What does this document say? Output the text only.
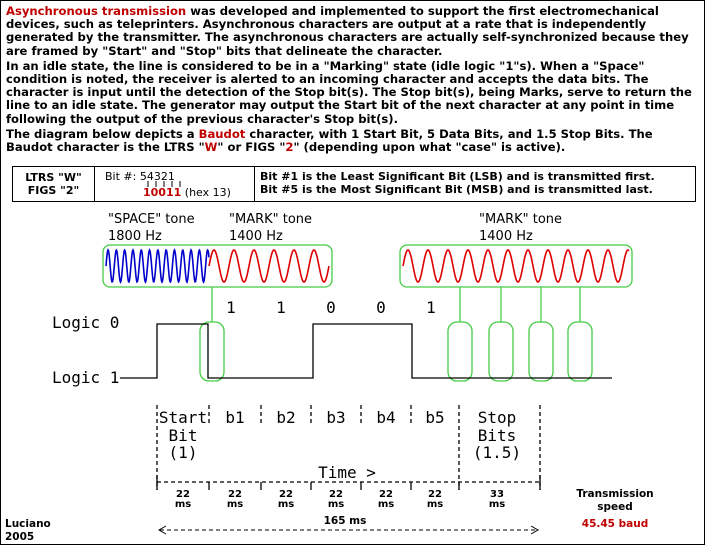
Asynchronous transmission was developed and implemented to support the first electromechanical devices, such as teleprinters. Asynchronous characters are output at a rate that is independently generated by the transmitter. The asynchronous characters are actually self-synchronized because they are framed by "Start" and "Stop" bits that delineate the character.

In an idle state, the line is considered to be in a "Marking" state (idle logic "1"s). When a "Space" condition is noted, the receiver is alerted to an incoming character and accepts the data bits. The character is input until the detection of the Stop bit(s). The Stop bit(s), being Marks, serve to return the line to an idle state. The generator may output the Start bit of the next character at any point in time following the output of the previous character's Stop bit(s).

The diagram below depicts a Baudot character, with 1 Start Bit, 5 Data Bits, and 1.5 Stop Bits. The Baudot character is the LTRS "W" or FIGS "2" (depending upon what "case" is active).

LTRS "W"
FIGS "2"
Bit #: 54321
10011 (hex 13)
Bit #1 is the Least Significant Bit (LSB) and is transmitted first.
Bit #5 is the Most Significant Bit (MSB) and is transmitted last.
"SPACE" tone
1800 Hz
"MARK" tone
1400 Hz
"MARK" tone
1400 Hz
Logic 0
Logic 1
1	1	0	0	1
Start
Bit
(1)
b1 b2 b3 b4 b5 Stop
Bits
(1.5)
Time >
22
ms
22
ms
22
ms
22
ms
22
ms
22
ms
33
ms
165 ms
Transmission
speed
45.45 baud
Luciano
2005
